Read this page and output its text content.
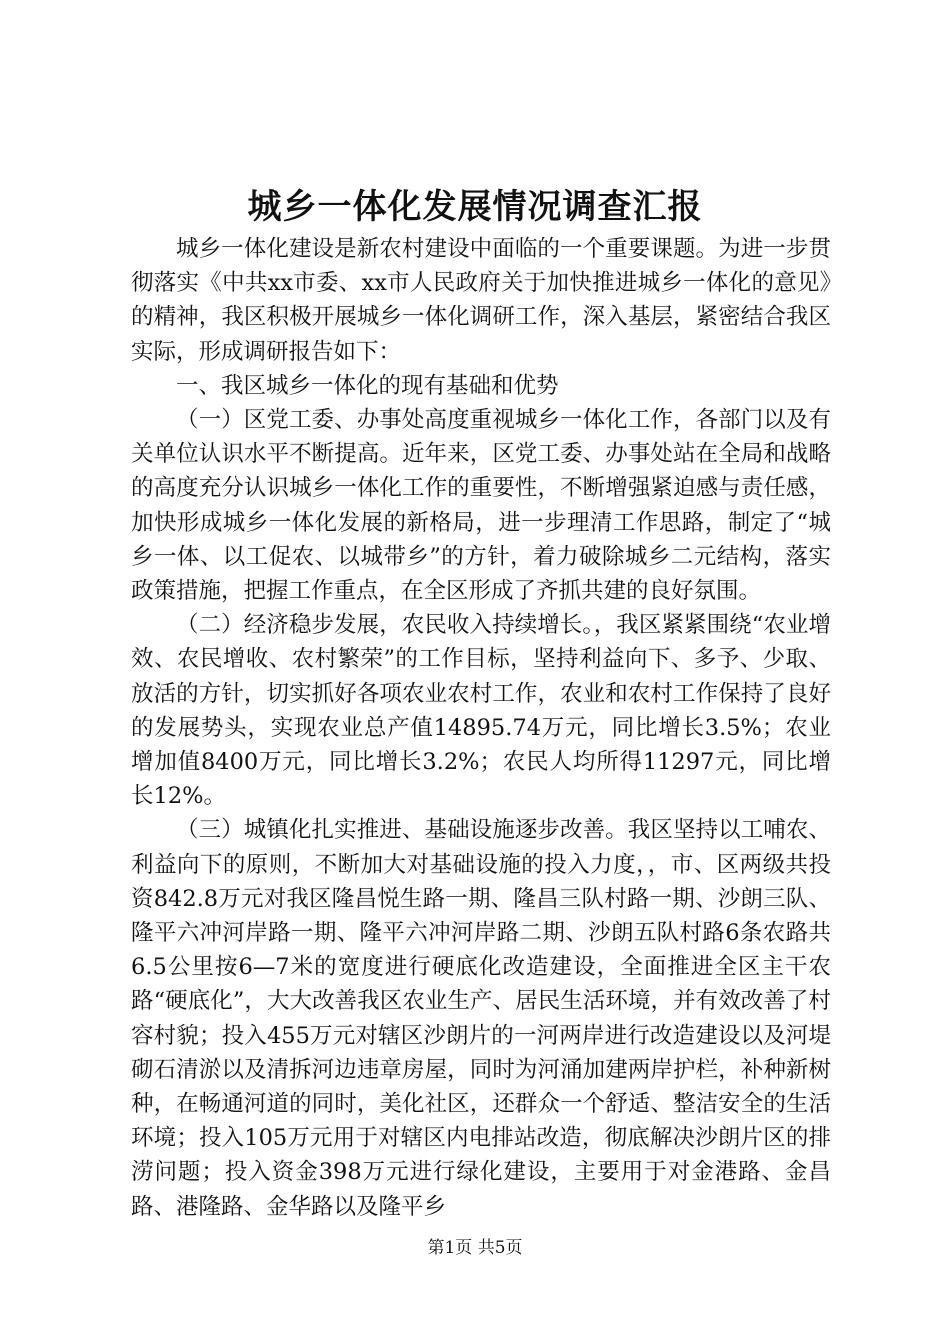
城乡一体化发展情况调查汇报

城乡一体化建设是新农村建设中面临的一个重要课题。为进一步贯彻落实《中共xx市委、xx市人民政府关于加快推进城乡一体化的意见》的精神，我区积极开展城乡一体化调研工作，深入基层，紧密结合我区实际，形成调研报告如下：

一、我区城乡一体化的现有基础和优势

（一）区党工委、办事处高度重视城乡一体化工作，各部门以及有关单位认识水平不断提高。近年来，区党工委、办事处站在全局和战略的高度充分认识城乡一体化工作的重要性，不断增强紧迫感与责任感，加快形成城乡一体化发展的新格局，进一步理清工作思路，制定了“城乡一体、以工促农、以城带乡”的方针，着力破除城乡二元结构，落实政策措施，把握工作重点，在全区形成了齐抓共建的良好氛围。

（二）经济稳步发展，农民收入持续增长。，我区紧紧围绕“农业增效、农民增收、农村繁荣”的工作目标，坚持利益向下、多予、少取、放活的方针，切实抓好各项农业农村工作，农业和农村工作保持了良好的发展势头，实现农业总产值14895.74万元，同比增长3.5%；农业增加值8400万元，同比增长3.2%；农民人均所得11297元，同比增长12%。

（三）城镇化扎实推进、基础设施逐步改善。我区坚持以工哺农、利益向下的原则，不断加大对基础设施的投入力度，，市、区两级共投资842.8万元对我区隆昌悦生路一期、隆昌三队村路一期、沙朗三队、隆平六冲河岸路一期、隆平六冲河岸路二期、沙朗五队村路6条农路共6.5公里按6—7米的宽度进行硬底化改造建设，全面推进全区主干农路“硬底化”，大大改善我区农业生产、居民生活环境，并有效改善了村容村貌；投入455万元对辖区沙朗片的一河两岸进行改造建设以及河堤砌石清淤以及清拆河边违章房屋，同时为河涌加建两岸护栏，补种新树种，在畅通河道的同时，美化社区，还群众一个舒适、整洁安全的生活环境；投入105万元用于对辖区内电排站改造，彻底解决沙朗片区的排涝问题；投入资金398万元进行绿化建设，主要用于对金港路、金昌路、港隆路、金华路以及隆平乡

第1页 共5页
